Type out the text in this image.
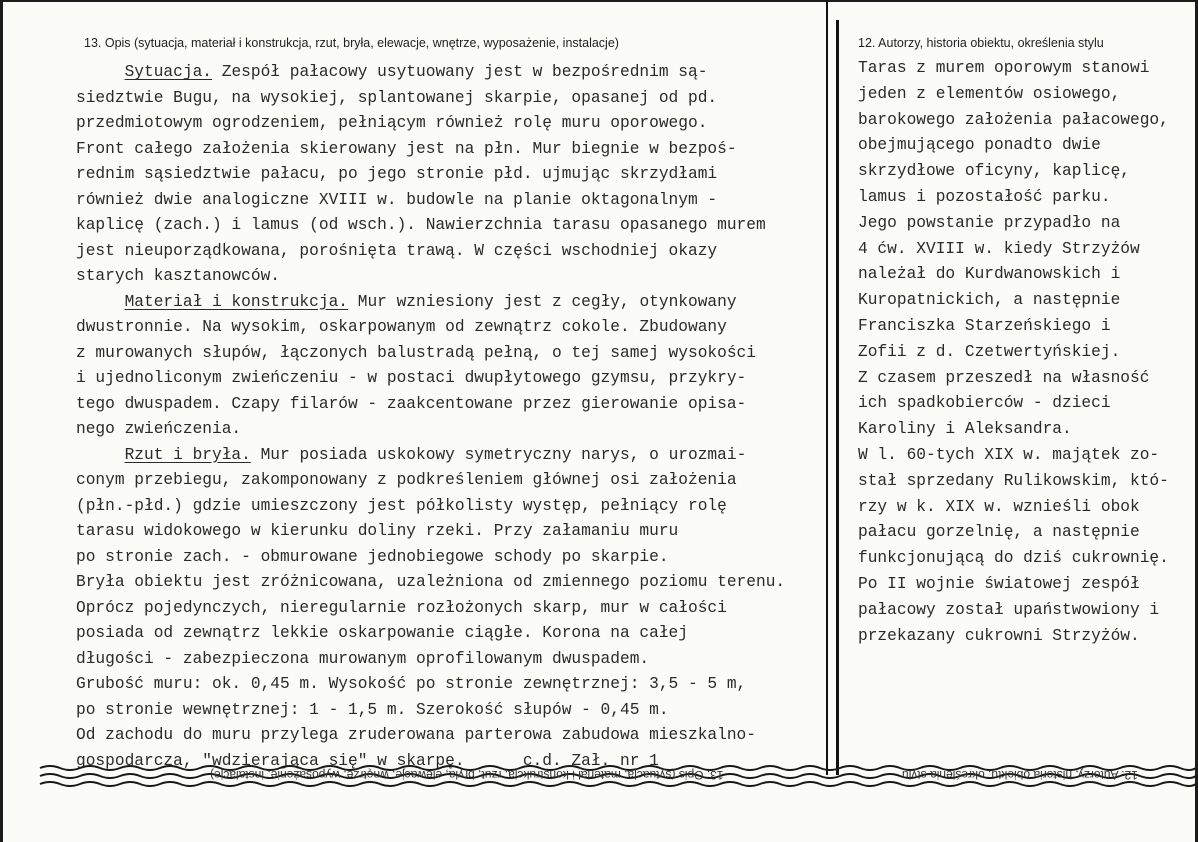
13. Opis (sytuacja, materiał i konstrukcja, rzut, bryła, elewacje, wnętrze, wyposażenie, instalacje)	12. Autorzy, historia obiektu, określenia stylu
Sytuacja. Zespół pałacowy usytuowany jest w bezpośrednim są-
siedztwie Bugu, na wysokiej, splantowanej skarpie, opasanej od pd.
przedmiotowym ogrodzeniem, pełniącym również rolę muru oporowego.
Front całego założenia skierowany jest na płn. Mur biegnie w bezpoś-
rednim sąsiedztwie pałacu, po jego stronie płd. ujmując skrzydłami
również dwie analogiczne XVIII w. budowle na planie oktagonalnym -
kaplicę (zach.) i lamus (od wsch.). Nawierzchnia tarasu opasanego murem
jest nieuporządkowana, porośnięta trawą. W części wschodniej okazy
starych kasztanowców.
Materiał i konstrukcja. Mur wzniesiony jest z cegły, otynkowany
dwustronnie. Na wysokim, oskarpowanym od zewnątrz cokole. Zbudowany
z murowanych słupów, łączonych balustradą pełną, o tej samej wysokości
i ujednoliconym zwieńczeniu - w postaci dwupłytowego gzymsu, przykry-
tego dwuspadem. Czapy filarów - zaakcentowane przez gierowanie opisa-
nego zwieńczenia.
Rzut i bryła. Mur posiada uskokowy symetryczny narys, o urozmai-
conym przebiegu, zakomponowany z podkreśleniem głównej osi założenia
(płn.-płd.) gdzie umieszczony jest półkolisty występ, pełniący rolę
tarasu widokowego w kierunku doliny rzeki. Przy załamaniu muru
po stronie zach. - obmurowane jednobiegowe schody po skarpie.
Bryła obiektu jest zróżnicowana, uzależniona od zmiennego poziomu terenu.
Oprócz pojedynczych, nieregularnie rozłożonych skarp, mur w całości
posiada od zewnątrz lekkie oskarpowanie ciągłe. Korona na całej
długości - zabezpieczona murowanym oprofilowanym dwuspadem.
Grubość muru: ok. 0,45 m. Wysokość po stronie zewnętrznej: 3,5 - 5 m,
po stronie wewnętrznej: 1 - 1,5 m. Szerokość słupów - 0,45 m.
Od zachodu do muru przylega zruderowana parterowa zabudowa mieszkalno-
gospodarcza, "wdzierająca się" w skarpę.      c.d. Zał. nr 1
Taras z murem oporowym stanowi
jeden z elementów osiowego,
barokowego założenia pałacowego,
obejmującego ponadto dwie
skrzydłowe oficyny, kaplicę,
lamus i pozostałość parku.
Jego powstanie przypadło na
4 ćw. XVIII w. kiedy Strzyżów
należał do Kurdwanowskich i
Kuropatnickich, a następnie
Franciszka Starzeńskiego i
Zofii z d. Czetwertyńskiej.
Z czasem przeszedł na własność
ich spadkobierców - dzieci
Karoliny i Aleksandra.
W l. 60-tych XIX w. majątek zo-
stał sprzedany Rulikowskim, któ-
rzy w k. XIX w. wznieśli obok
pałacu gorzelnię, a następnie
funkcjonującą do dziś cukrownię.
Po II wojnie światowej zespół
pałacowy został upaństwowiony i
przekazany cukrowni Strzyżów.
13. Opis (sytuacja, materiał i konstrukcja, rzut, bryła, elewacje, wnętrze, wyposażenie, instalacje)	12. Autorzy, historia obiektu, określenia stylu
